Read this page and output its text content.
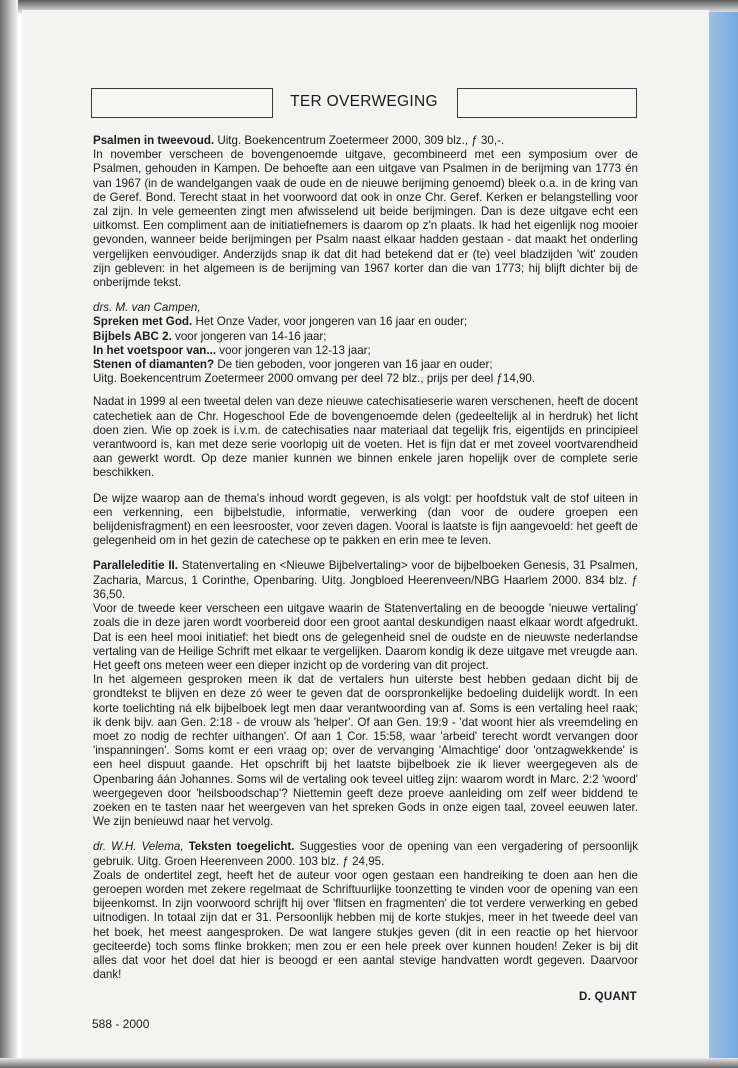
TER OVERWEGING

Psalmen in tweevoud. Uitg. Boekencentrum Zoetermeer 2000, 309 blz., ƒ 30,-.
In november verscheen de bovengenoemde uitgave, gecombineerd met een symposium over de Psalmen, gehouden in Kampen. De behoefte aan een uitgave van Psalmen in de berijming van 1773 én van 1967 (in de wandelgangen vaak de oude en de nieuwe berijming genoemd) bleek o.a. in de kring van de Geref. Bond. Terecht staat in het voorwoord dat ook in onze Chr. Geref. Kerken er belangstelling voor zal zijn. In vele gemeenten zingt men afwisselend uit beide berijmingen. Dan is deze uitgave echt een uitkomst. Een compliment aan de initiatiefnemers is daarom op z'n plaats. Ik had het eigenlijk nog mooier gevonden, wanneer beide berijmingen per Psalm naast elkaar hadden gestaan - dat maakt het onderling vergelijken eenvoudiger. Anderzijds snap ik dat dit had betekend dat er (te) veel bladzijden 'wit' zouden zijn gebleven: in het algemeen is de berijming van 1967 korter dan die van 1773; hij blijft dichter bij de onberijmde tekst.

drs. M. van Campen,
Spreken met God. Het Onze Vader, voor jongeren van 16 jaar en ouder;
Bijbels ABC 2. voor jongeren van 14-16 jaar;
In het voetspoor van... voor jongeren van 12-13 jaar;
Stenen of diamanten? De tien geboden, voor jongeren van 16 jaar en ouder;
Uitg. Boekencentrum Zoetermeer 2000 omvang per deel 72 blz., prijs per deel ƒ14,90.

Nadat in 1999 al een tweetal delen van deze nieuwe catechisatieserie waren verschenen, heeft de docent catechetiek aan de Chr. Hogeschool Ede de bovengenoemde delen (gedeeltelijk al in herdruk) het licht doen zien. Wie op zoek is i.v.m. de catechisaties naar materiaal dat tegelijk fris, eigentijds en principieel verantwoord is, kan met deze serie voorlopig uit de voeten. Het is fijn dat er met zoveel voortvarendheid aan gewerkt wordt. Op deze manier kunnen we binnen enkele jaren hopelijk over de complete serie beschikken.

De wijze waarop aan de thema's inhoud wordt gegeven, is als volgt: per hoofdstuk valt de stof uiteen in een verkenning, een bijbelstudie, informatie, verwerking (dan voor de oudere groepen een belijdenisfragment) en een leesrooster, voor zeven dagen. Vooral is laatste is fijn aangevoeld: het geeft de gelegenheid om in het gezin de catechese op te pakken en erin mee te leven.

Paralleleditie II. Statenvertaling en <Nieuwe Bijbelvertaling> voor de bijbelboeken Genesis, 31 Psalmen, Zacharia, Marcus, 1 Corinthe, Openbaring. Uitg. Jongbloed Heerenveen/NBG Haarlem 2000. 834 blz. ƒ 36,50.

Voor de tweede keer verscheen een uitgave waarin de Statenvertaling en de beoogde 'nieuwe vertaling' zoals die in deze jaren wordt voorbereid door een groot aantal deskundigen naast elkaar wordt afgedrukt. Dat is een heel mooi initiatief: het biedt ons de gelegenheid snel de oudste en de nieuwste nederlandse vertaling van de Heilige Schrift met elkaar te vergelijken. Daarom kondig ik deze uitgave met vreugde aan. Het geeft ons meteen weer een dieper inzicht op de vordering van dit project.

In het algemeen gesproken meen ik dat de vertalers hun uiterste best hebben gedaan dicht bij de grondtekst te blijven en deze zó weer te geven dat de oorspronkelijke bedoeling duidelijk wordt. In een korte toelichting ná elk bijbelboek legt men daar verantwoording van af. Soms is een vertaling heel raak; ik denk bijv. aan Gen. 2:18 - de vrouw als 'helper'. Of aan Gen. 19:9 - 'dat woont hier als vreemdeling en moet zo nodig de rechter uithangen'. Of aan 1 Cor. 15:58, waar 'arbeid' terecht wordt vervangen door 'inspanningen'. Soms komt er een vraag op; over de vervanging 'Almachtige' door 'ontzagwekkende' is een heel dispuut gaande. Het opschrift bij het laatste bijbelboek zie ik liever weergegeven als de Openbaring áán Johannes. Soms wil de vertaling ook teveel uitleg zijn: waarom wordt in Marc. 2:2 'woord' weergegeven door 'heilsboodschap'? Niettemin geeft deze proeve aanleiding om zelf weer biddend te zoeken en te tasten naar het weergeven van het spreken Gods in onze eigen taal, zoveel eeuwen later. We zijn benieuwd naar het vervolg.

dr. W.H. Velema, Teksten toegelicht. Suggesties voor de opening van een vergadering of persoonlijk gebruik. Uitg. Groen Heerenveen 2000. 103 blz. ƒ 24,95.

Zoals de ondertitel zegt, heeft het de auteur voor ogen gestaan een handreiking te doen aan hen die geroepen worden met zekere regelmaat de Schriftuurlijke toonzetting te vinden voor de opening van een bijeenkomst. In zijn voorwoord schrijft hij over 'flitsen en fragmenten' die tot verdere verwerking en gebed uitnodigen. In totaal zijn dat er 31. Persoonlijk hebben mij de korte stukjes, meer in het tweede deel van het boek, het meest aangesproken. De wat langere stukjes geven (dit in een reactie op het hiervoor geciteerde) toch soms flinke brokken; men zou er een hele preek over kunnen houden! Zeker is bij dit alles dat voor het doel dat hier is beoogd er een aantal stevige handvatten wordt gegeven. Daarvoor dank!

D. QUANT
588 - 2000
